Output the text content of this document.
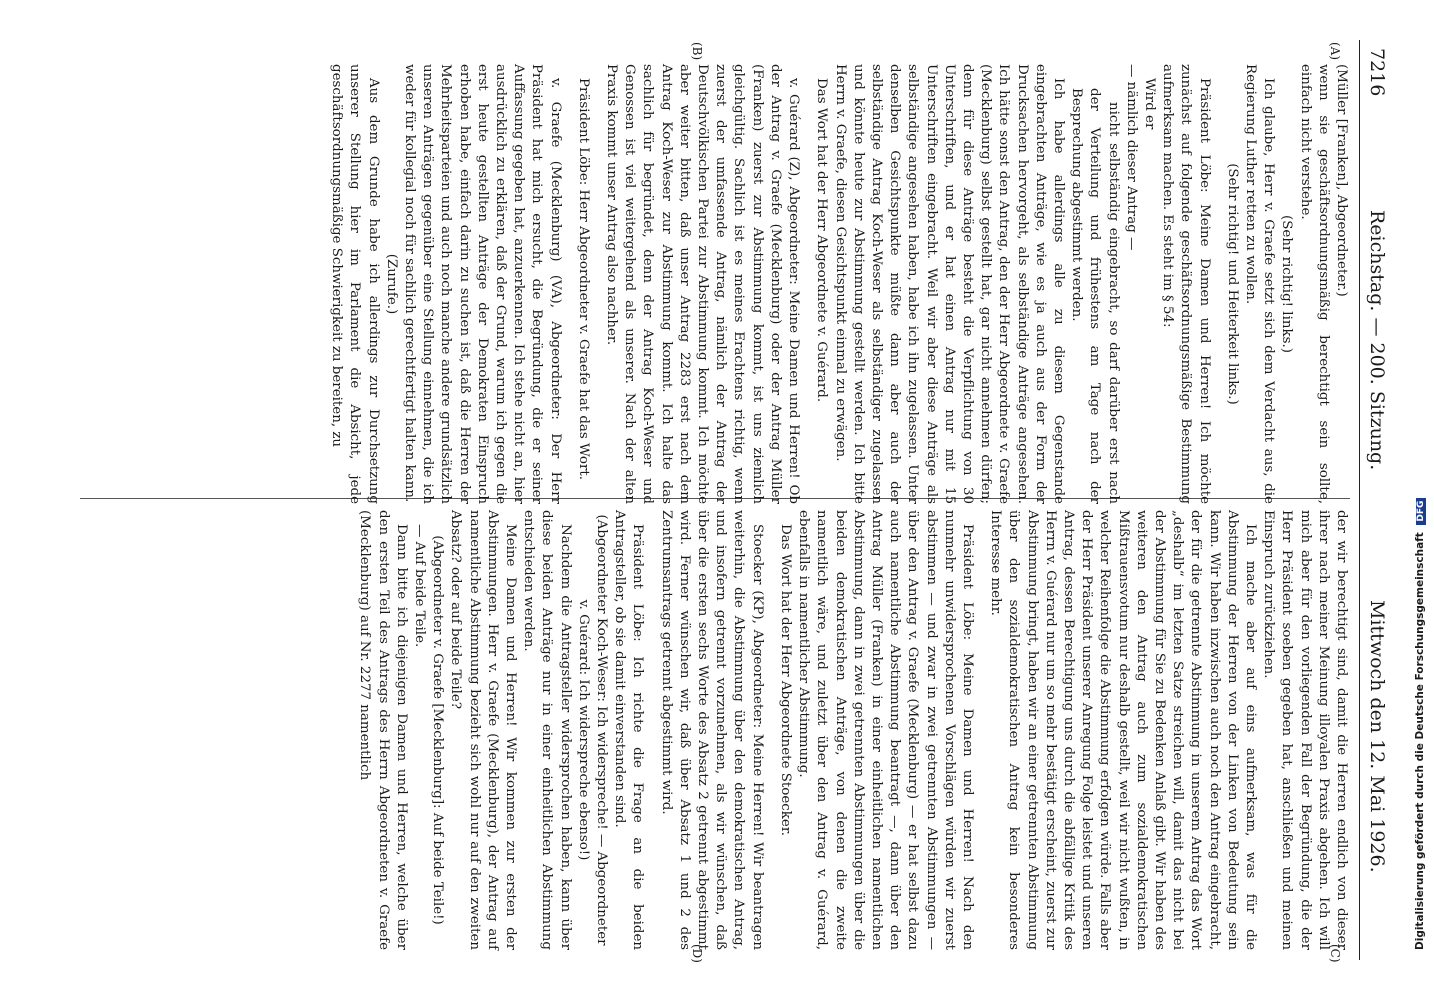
7216
Reichstag. — 200. Sitzung.
Mittwoch den 12. Mai 1926.
(A)
(B)
(C)
(D)

(Müller [Franken], Abgeordneter.)

wenn sie geschäftsordnungsmäßig berechtigt sein sollte, einfach nicht verstehe.

(Sehr richtig! links.)

Ich glaube, Herr v. Graefe setzt sich dem Verdacht aus, die Regierung Luther retten zu wollen.

(Sehr richtig! und Heiterkeit links.)

Präsident Löbe: Meine Damen und Herren! Ich möchte zunächst auf folgende geschäftsordnungsmäßige Bestimmung aufmerksam machen. Es steht im § 54:

Wird er

— nämlich dieser Antrag —

nicht selbständig eingebracht, so darf darüber erst nach der Verteilung und frühestens am Tage nach der Besprechung abgestimmt werden.

Ich habe allerdings alle zu diesem Gegenstande eingebrachten Anträge, wie es ja auch aus der Form der Drucksachen hervorgeht, als selbständige Anträge angesehen. Ich hätte sonst den Antrag, den der Herr Abgeordnete v. Graefe (Mecklenburg) selbst gestellt hat, gar nicht annehmen dürfen; denn für diese Anträge besteht die Verpflichtung von 30 Unterschriften, und er hat einen Antrag nur mit 15 Unterschriften eingebracht. Weil wir aber diese Anträge als selbständige angesehen haben, habe ich ihn zugelassen. Unter denselben Gesichtspunkte müßte dann aber auch der selbständige Antrag Koch-Weser als selbständiger zugelassen und könnte heute zur Abstimmung gestellt werden. Ich bitte Herrn v. Graefe, diesen Gesichtspunkt einmal zu erwägen.

Das Wort hat der Herr Abgeordnete v. Guérard.

v. Guérard (Z), Abgeordneter: Meine Damen und Herren! Ob der Antrag v. Graefe (Mecklenburg) oder der Antrag Müller (Franken) zuerst zur Abstimmung kommt, ist uns ziemlich gleichgültig. Sachlich ist es meines Erachtens richtig, wenn zuerst der umfassende Antrag, nämlich der Antrag der Deutschvölkischen Partei zur Abstimmung kommt. Ich möchte aber weiter bitten, daß unser Antrag 2283 erst nach dem Antrag Koch-Weser zur Abstimmung kommt. Ich halte das sachlich für begründet, denn der Antrag Koch-Weser und Genossen ist viel weitergehend als unserer. Nach der alten Praxis kommt unser Antrag also nachher.

Präsident Löbe: Herr Abgeordneter v. Graefe hat das Wort.

v. Graefe (Mecklenburg) (VA), Abgeordneter: Der Herr Präsident hat mich ersucht, die Begründung, die er seiner Auffassung gegeben hat, anzuerkennen. Ich stehe nicht an, hier ausdrücklich zu erklären, daß der Grund, warum ich gegen die erst heute gestellten Anträge der Demokraten Einspruch erhoben habe, einfach darin zu suchen ist, daß die Herren der Mehrheitsparteien und auch noch manche andere grundsätzlich unseren Anträgen gegenüber eine Stellung einnehmen, die ich weder für kollegial noch für sachlich gerechtfertigt halten kann.

(Zurufe.)

Aus dem Grunde habe ich allerdings zur Durchsetzung unserer Stellung hier im Parlament die Absicht, jede geschäftsordnungsmäßige Schwierigkeit zu bereiten, zu

der wir berechtigt sind, damit die Herren endlich von dieser ihrer nach meiner Meinung illoyalen Praxis abgehen. Ich will mich aber für den vorliegenden Fall der Begründung, die der Herr Präsident soeben gegeben hat, anschließen und meinen Einspruch zurückziehen.

Ich mache aber auf eins aufmerksam, was für die Abstimmung der Herren von der Linken von Bedeutung sein kann. Wir haben inzwischen auch noch den Antrag eingebracht, der für die getrennte Abstimmung in unserem Antrag das Wort „deshalb“ im letzten Satze streichen will, damit das nicht bei der Abstimmung für Sie zu Bedenken Anlaß gibt. Wir haben des weiteren den Antrag auch zum sozialdemokratischen Mißtrauensvotum nur deshalb gestellt, weil wir nicht wußten, in welcher Reihenfolge die Abstimmung erfolgen würde. Falls aber der Herr Präsident unserer Anregung Folge leistet und unseren Antrag, dessen Berechtigung uns durch die abfällige Kritik des Herrn v. Guérard nur um so mehr bestätigt erscheint, zuerst zur Abstimmung bringt, haben wir an einer getrennten Abstimmung über den sozialdemokratischen Antrag kein besonderes Interesse mehr.

Präsident Löbe: Meine Damen und Herren! Nach den nunmehr unwidersprochenen Vorschlägen würden wir zuerst abstimmen — und zwar in zwei getrennten Abstimmungen — über den Antrag v. Graefe (Mecklenburg) — er hat selbst dazu auch namentliche Abstimmung beantragt —, dann über den Antrag Müller (Franken) in einer einheitlichen namentlichen Abstimmung, dann in zwei getrennten Abstimmungen über die beiden demokratischen Anträge, von denen die zweite namentlich wäre, und zuletzt über den Antrag v. Guérard, ebenfalls in namentlicher Abstimmung.

Das Wort hat der Herr Abgeordnete Stoecker.

Stoecker (KP), Abgeordneter: Meine Herren! Wir beantragen weiterhin, die Abstimmung über den demokratischen Antrag, und insofern getrennt vorzunehmen, als wir wünschen, daß über die ersten sechs Worte des Absatz 2 getrennt abgestimmt wird. Ferner wünschen wir, daß über Absatz 1 und 2 des Zentrumsantrags getrennt abgestimmt wird.

Präsident Löbe: Ich richte die Frage an die beiden Antragsteller, ob sie damit einverstanden sind.

(Abgeordneter Koch-Weser: Ich widerspreche! — Abgeordneter v. Guérard: Ich widerspreche ebenso!)

Nachdem die Antragsteller widersprochen haben, kann über diese beiden Anträge nur in einer einheitlichen Abstimmung entschieden werden.

Meine Damen und Herren! Wir kommen zur ersten der Abstimmungen. Herr v. Graefe (Mecklenburg), der Antrag auf namentliche Abstimmung bezieht sich wohl nur auf den zweiten Absatz? oder auf beide Teile?

(Abgeordneter v. Graefe [Mecklenburg]: Auf beide Teile!)

— Auf beide Teile.

Dann bitte ich diejenigen Damen und Herren, welche über den ersten Teil des Antrags des Herrn Abgeordneten v. Graefe (Mecklenburg) auf Nr. 2277 namentlich	Digitalisierung gefördert durch die Deutsche Forschungsgemeinschaft DFG
